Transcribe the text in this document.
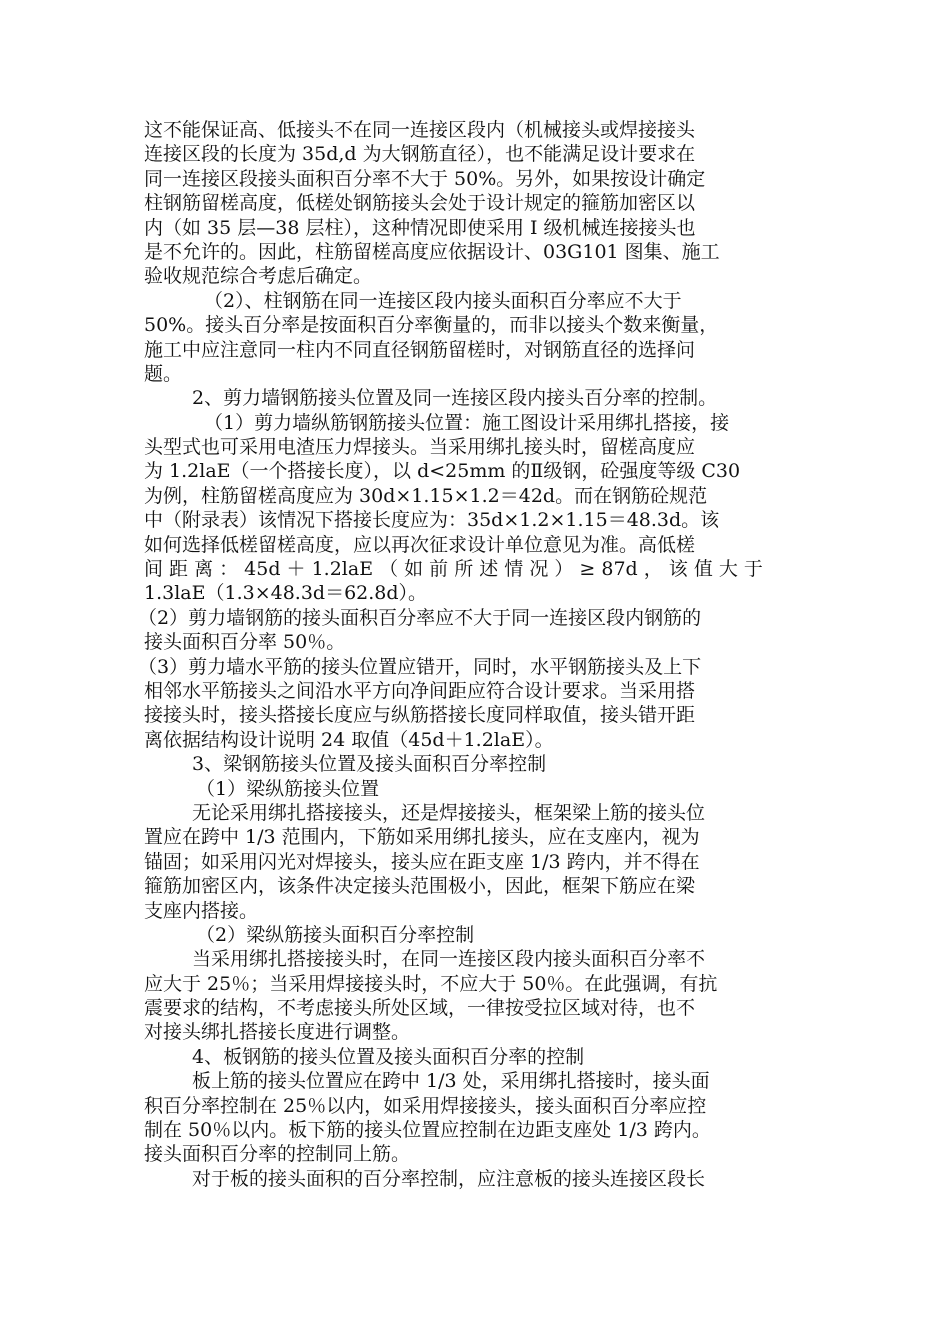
这不能保证高、低接头不在同一连接区段内（机械接头或焊接接头
连接区段的长度为 35d,d 为大钢筋直径），也不能满足设计要求在
同一连接区段接头面积百分率不大于 50%。另外，如果按设计确定
柱钢筋留槎高度，低槎处钢筋接头会处于设计规定的箍筋加密区以
内（如 35 层—38 层柱），这种情况即使采用 Ⅰ 级机械连接接头也
是不允许的。因此，柱筋留槎高度应依据设计、03G101 图集、施工
验收规范综合考虑后确定。
（2）、柱钢筋在同一连接区段内接头面积百分率应不大于
50%。接头百分率是按面积百分率衡量的，而非以接头个数来衡量，
施工中应注意同一柱内不同直径钢筋留槎时，对钢筋直径的选择问
题。
2、剪力墙钢筋接头位置及同一连接区段内接头百分率的控制。
（1）剪力墙纵筋钢筋接头位置：施工图设计采用绑扎搭接，接
头型式也可采用电渣压力焊接头。当采用绑扎接头时，留槎高度应
为 1.2laE（一个搭接长度），以 d<25mm 的Ⅱ级钢，砼强度等级 C30
为例，柱筋留槎高度应为 30d×1.15×1.2＝42d。而在钢筋砼规范
中（附录表）该情况下搭接长度应为：35d×1.2×1.15＝48.3d。该
如何选择低槎留槎高度，应以再次征求设计单位意见为准。高低槎
间 距 离 ： 45d ＋ 1.2laE （ 如 前 所 述 情 况 ） ≥ 87d ， 该 值 大 于
1.3laE（1.3×48.3d＝62.8d）。
（2）剪力墙钢筋的接头面积百分率应不大于同一连接区段内钢筋的
接头面积百分率 50％。
（3）剪力墙水平筋的接头位置应错开，同时，水平钢筋接头及上下
相邻水平筋接头之间沿水平方向净间距应符合设计要求。当采用搭
接接头时，接头搭接长度应与纵筋搭接长度同样取值，接头错开距
离依据结构设计说明 24 取值（45d＋1.2laE）。
3、梁钢筋接头位置及接头面积百分率控制
（1）梁纵筋接头位置
无论采用绑扎搭接接头，还是焊接接头，框架梁上筋的接头位
置应在跨中 1/3 范围内，下筋如采用绑扎接头，应在支座内，视为
锚固；如采用闪光对焊接头，接头应在距支座 1/3 跨内，并不得在
箍筋加密区内，该条件决定接头范围极小，因此，框架下筋应在梁
支座内搭接。
（2）梁纵筋接头面积百分率控制
当采用绑扎搭接接头时，在同一连接区段内接头面积百分率不
应大于 25％；当采用焊接接头时，不应大于 50％。在此强调，有抗
震要求的结构，不考虑接头所处区域，一律按受拉区域对待，也不
对接头绑扎搭接长度进行调整。
4、板钢筋的接头位置及接头面积百分率的控制
板上筋的接头位置应在跨中 1/3 处，采用绑扎搭接时，接头面
积百分率控制在 25％以内，如采用焊接接头，接头面积百分率应控
制在 50％以内。板下筋的接头位置应控制在边距支座处 1/3 跨内。
接头面积百分率的控制同上筋。
对于板的接头面积的百分率控制，应注意板的接头连接区段长
